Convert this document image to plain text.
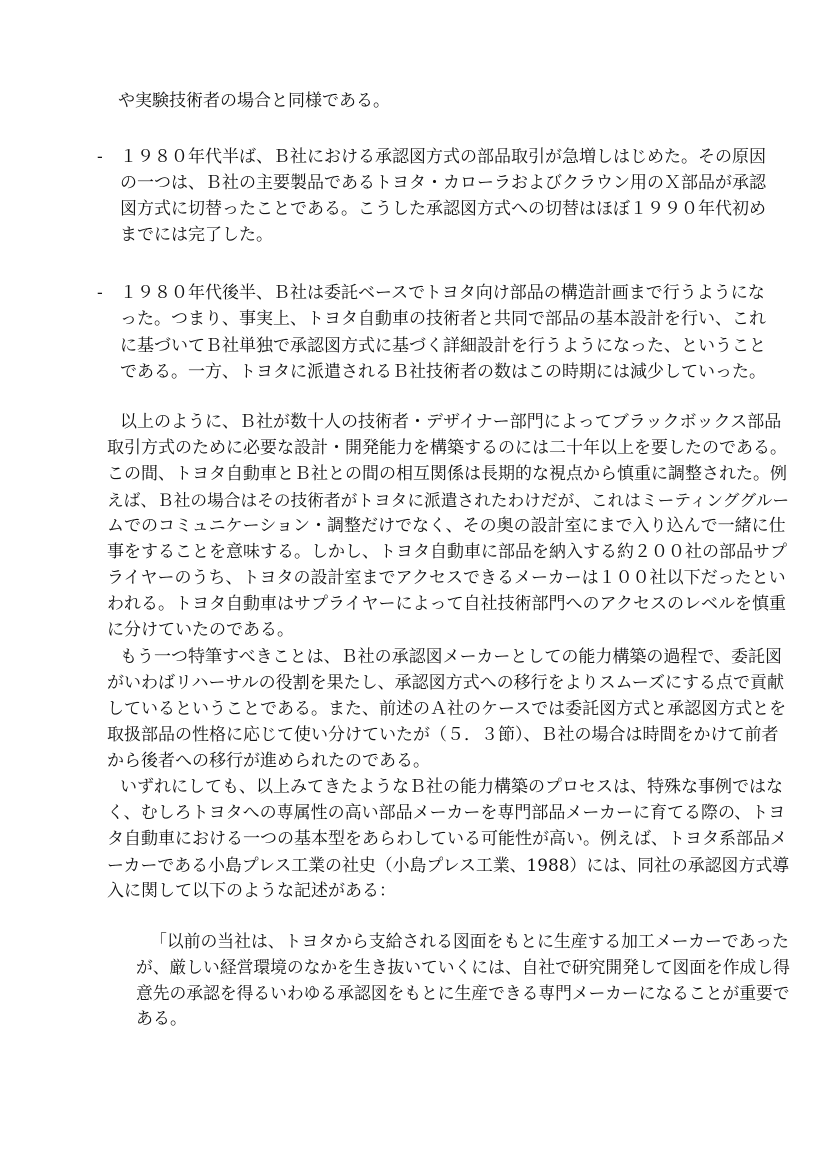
や実験技術者の場合と同様である。
- １９８０年代半ば、Ｂ社における承認図方式の部品取引が急増しはじめた。その原因
の一つは、Ｂ社の主要製品であるトヨタ・カローラおよびクラウン用のＸ部品が承認
図方式に切替ったことである。こうした承認図方式への切替はほぼ１９９０年代初め
までには完了した。
- １９８０年代後半、Ｂ社は委託ベースでトヨタ向け部品の構造計画まで行うようにな
った。つまり、事実上、トヨタ自動車の技術者と共同で部品の基本設計を行い、これ
に基づいてＢ社単独で承認図方式に基づく詳細設計を行うようになった、ということ
である。一方、トヨタに派遣されるＢ社技術者の数はこの時期には減少していった。
以上のように、Ｂ社が数十人の技術者・デザイナー部門によってブラックボックス部品
取引方式のために必要な設計・開発能力を構築するのには二十年以上を要したのである。
この間、トヨタ自動車とＢ社との間の相互関係は長期的な視点から慎重に調整された。例
えば、Ｂ社の場合はその技術者がトヨタに派遣されたわけだが、これはミーティンググルー
ムでのコミュニケーション・調整だけでなく、その奥の設計室にまで入り込んで一緒に仕
事をすることを意味する。しかし、トヨタ自動車に部品を納入する約２００社の部品サプ
ライヤーのうち、トヨタの設計室までアクセスできるメーカーは１００社以下だったとい
われる。トヨタ自動車はサプライヤーによって自社技術部門へのアクセスのレベルを慎重
に分けていたのである。
もう一つ特筆すべきことは、Ｂ社の承認図メーカーとしての能力構築の過程で、委託図
がいわばリハーサルの役割を果たし、承認図方式への移行をよりスムーズにする点で貢献
しているということである。また、前述のＡ社のケースでは委託図方式と承認図方式とを
取扱部品の性格に応じて使い分けていたが（５．３節）、Ｂ社の場合は時間をかけて前者
から後者への移行が進められたのである。
いずれにしても、以上みてきたようなＢ社の能力構築のプロセスは、特殊な事例ではな
く、むしろトヨタへの専属性の高い部品メーカーを専門部品メーカーに育てる際の、トヨ
タ自動車における一つの基本型をあらわしている可能性が高い。例えば、トヨタ系部品メ
ーカーである小島プレス工業の社史（小島プレス工業、1988）には、同社の承認図方式導
入に関して以下のような記述がある：
「以前の当社は、トヨタから支給される図面をもとに生産する加工メーカーであった
が、厳しい経営環境のなかを生き抜いていくには、自社で研究開発して図面を作成し得
意先の承認を得るいわゆる承認図をもとに生産できる専門メーカーになることが重要で
ある。
